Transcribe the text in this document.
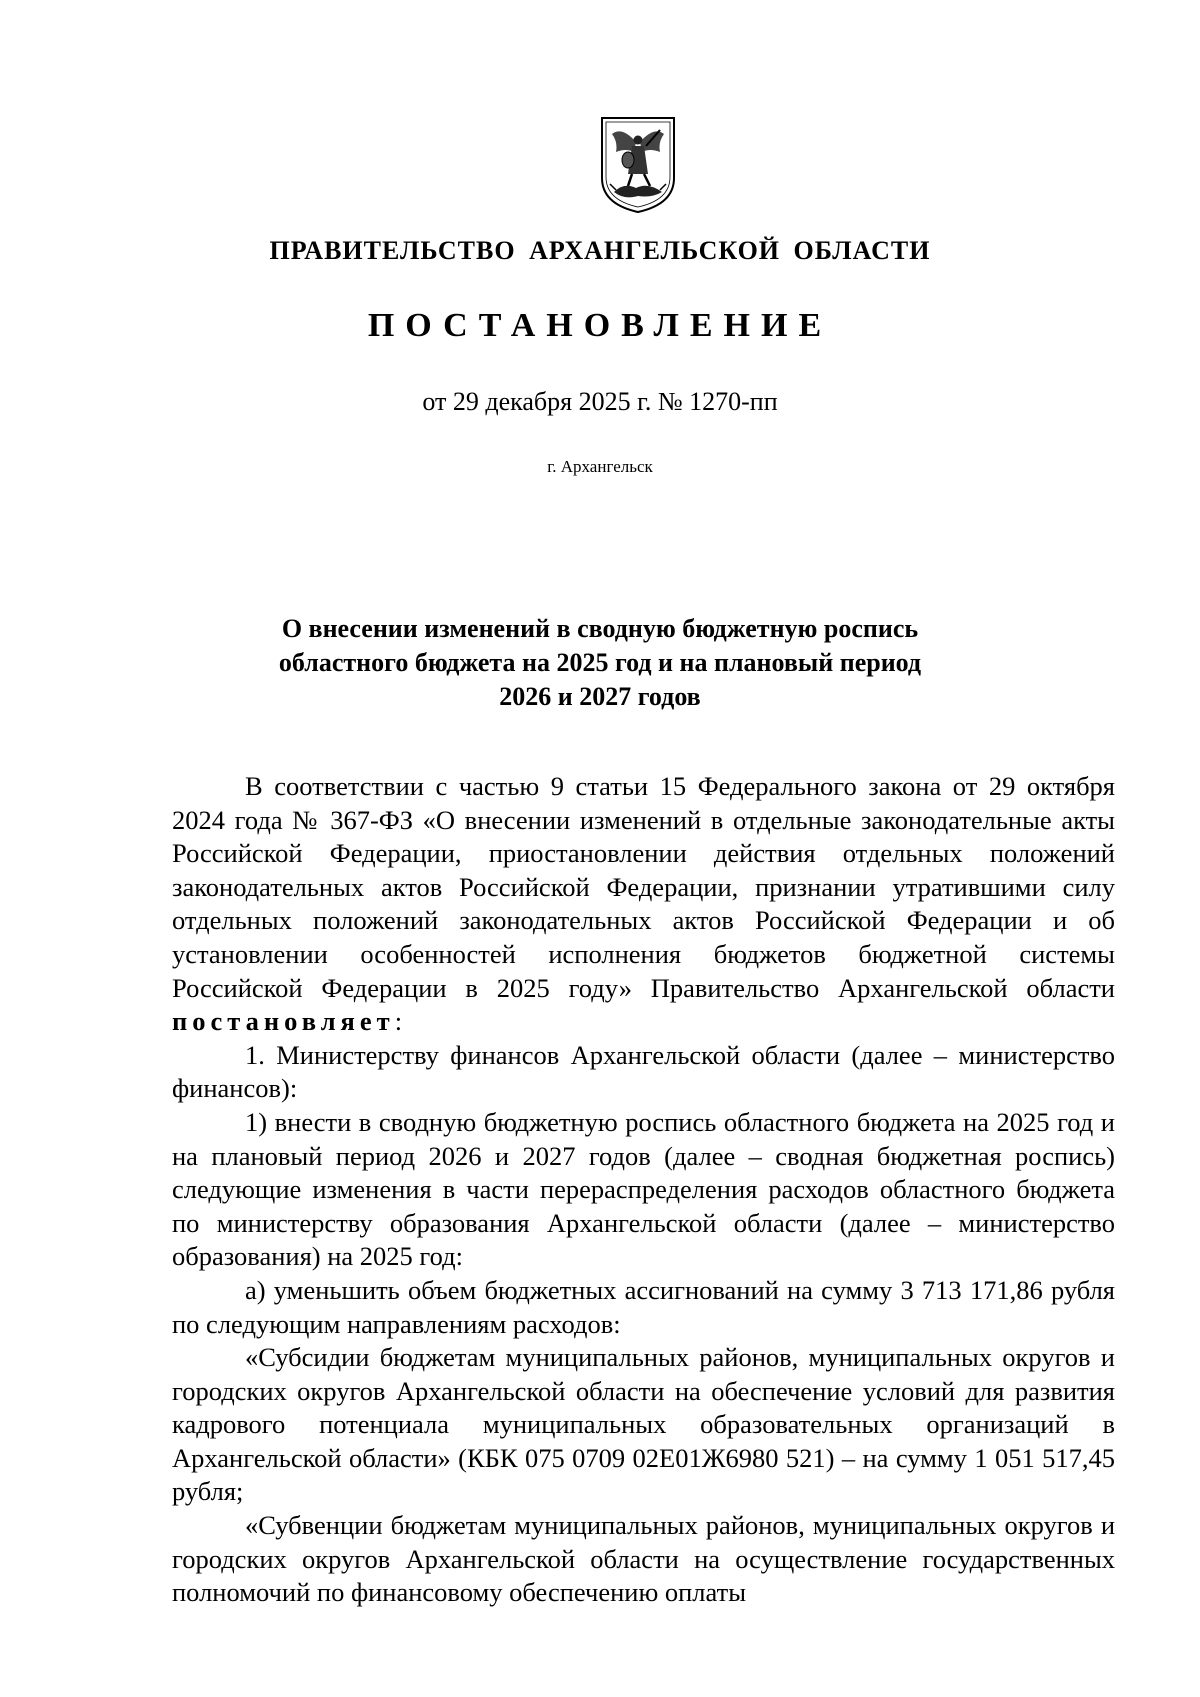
ПРАВИТЕЛЬСТВО АРХАНГЕЛЬСКОЙ ОБЛАСТИ
ПОСТАНОВЛЕНИЕ
от 29 декабря 2025 г. № 1270-пп
г. Архангельск
О внесении изменений в сводную бюджетную роспись
областного бюджета на 2025 год и на плановый период
2026 и 2027 годов

В соответствии с частью 9 статьи 15 Федерального закона от 29 октября 2024 года № 367-ФЗ «О внесении изменений в отдельные законодательные акты Российской Федерации, приостановлении действия отдельных положений законодательных актов Российской Федерации, признании утратившими силу отдельных положений законодательных актов Российской Федерации и об установлении особенностей исполнения бюджетов бюджетной системы Российской Федерации в 2025 году» Правительство Архангельской области постановляет:

1. Министерству финансов Архангельской области (далее – министерство финансов):

1) внести в сводную бюджетную роспись областного бюджета на 2025 год и на плановый период 2026 и 2027 годов (далее – сводная бюджетная роспись) следующие изменения в части перераспределения расходов областного бюджета по министерству образования Архангельской области (далее – министерство образования) на 2025 год:

а) уменьшить объем бюджетных ассигнований на сумму 3 713 171,86 рубля по следующим направлениям расходов:

«Субсидии бюджетам муниципальных районов, муниципальных округов и городских округов Архангельской области на обеспечение условий для развития кадрового потенциала муниципальных образовательных организаций в Архангельской области» (КБК 075 0709 02Е01Ж6980 521) – на сумму 1 051 517,45 рубля;

«Субвенции бюджетам муниципальных районов, муниципальных округов и городских округов Архангельской области на осуществление государственных полномочий по финансовому обеспечению оплаты
